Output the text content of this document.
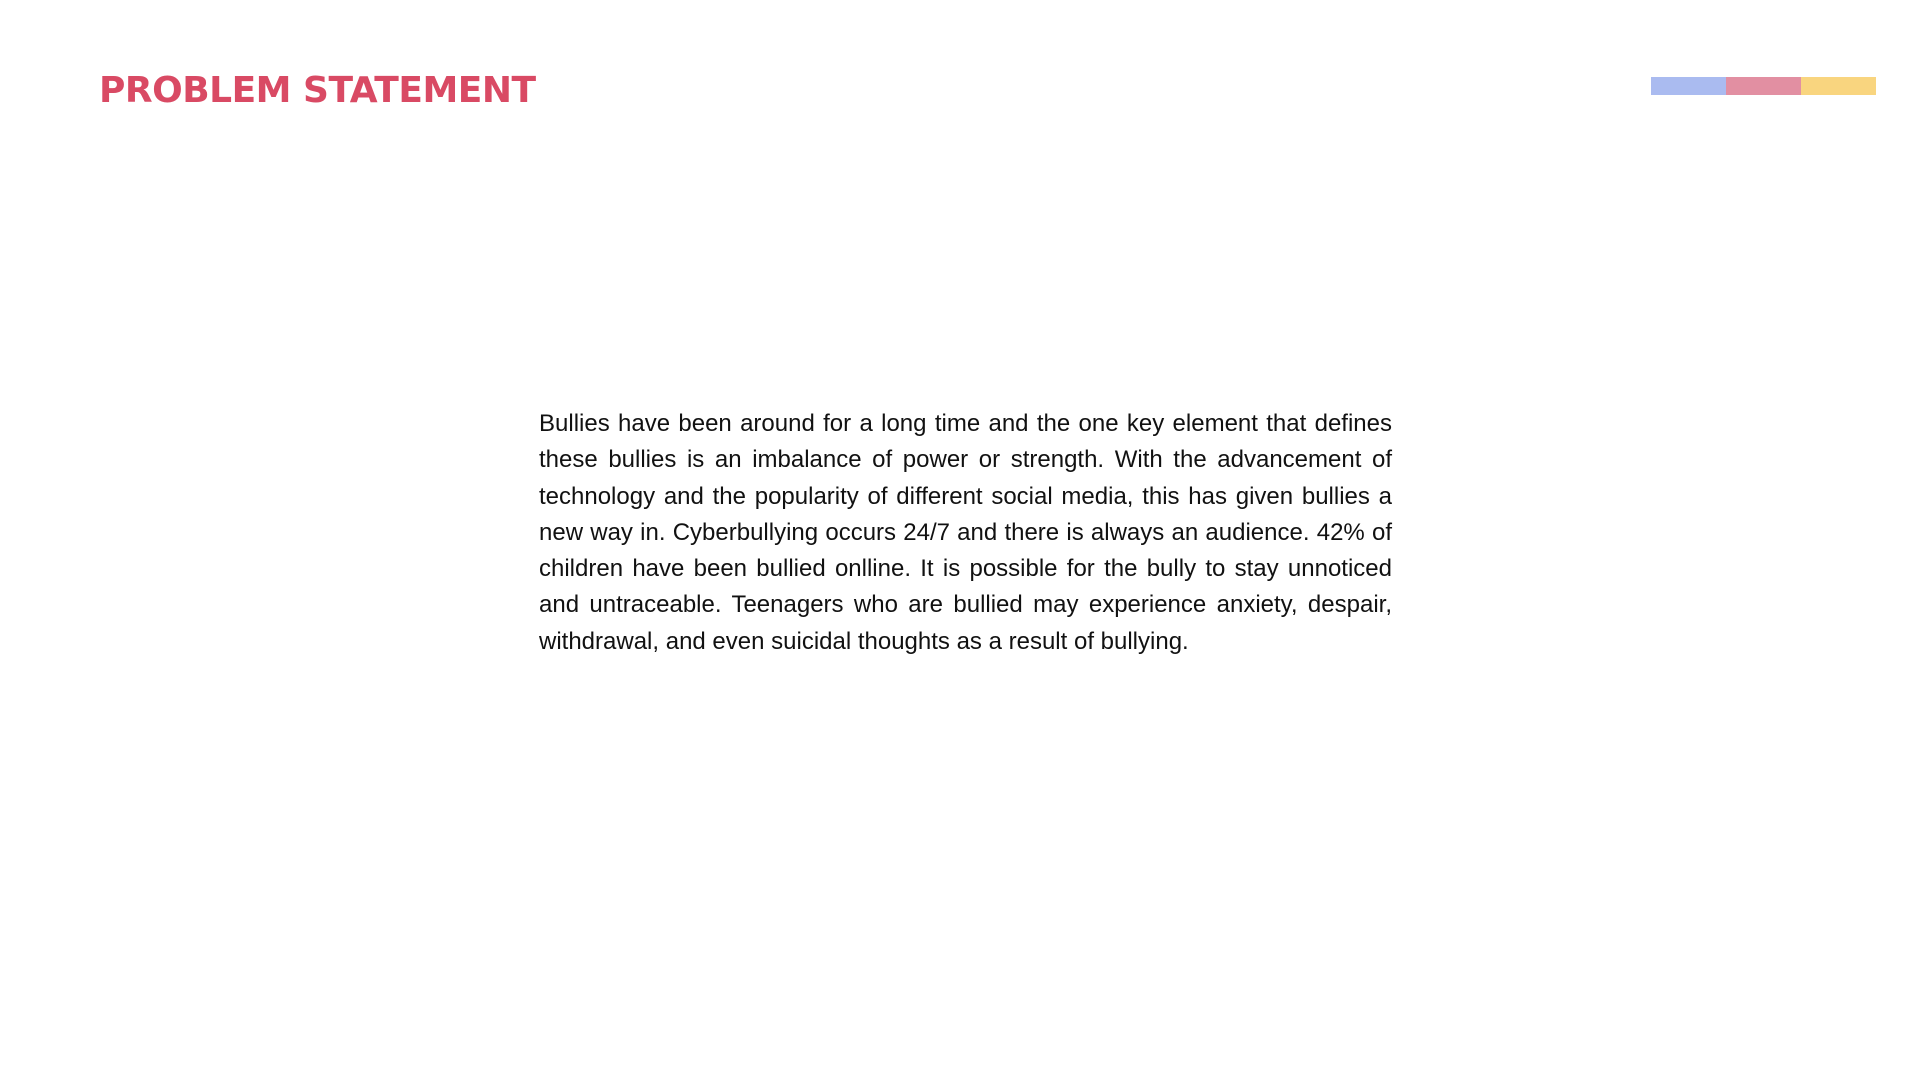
PROBLEM STATEMENT

Bullies have been around for a long time and the one key element that defines these bullies is an imbalance of power or strength. With the advancement of technology and the popularity of different social media, this has given bullies a new way in. Cyberbullying occurs 24/7 and there is always an audience. 42% of children have been bullied onlline. It is possible for the bully to stay unnoticed and untraceable. Teenagers who are bullied may experience anxiety, despair, withdrawal, and even suicidal thoughts as a result of bullying.
